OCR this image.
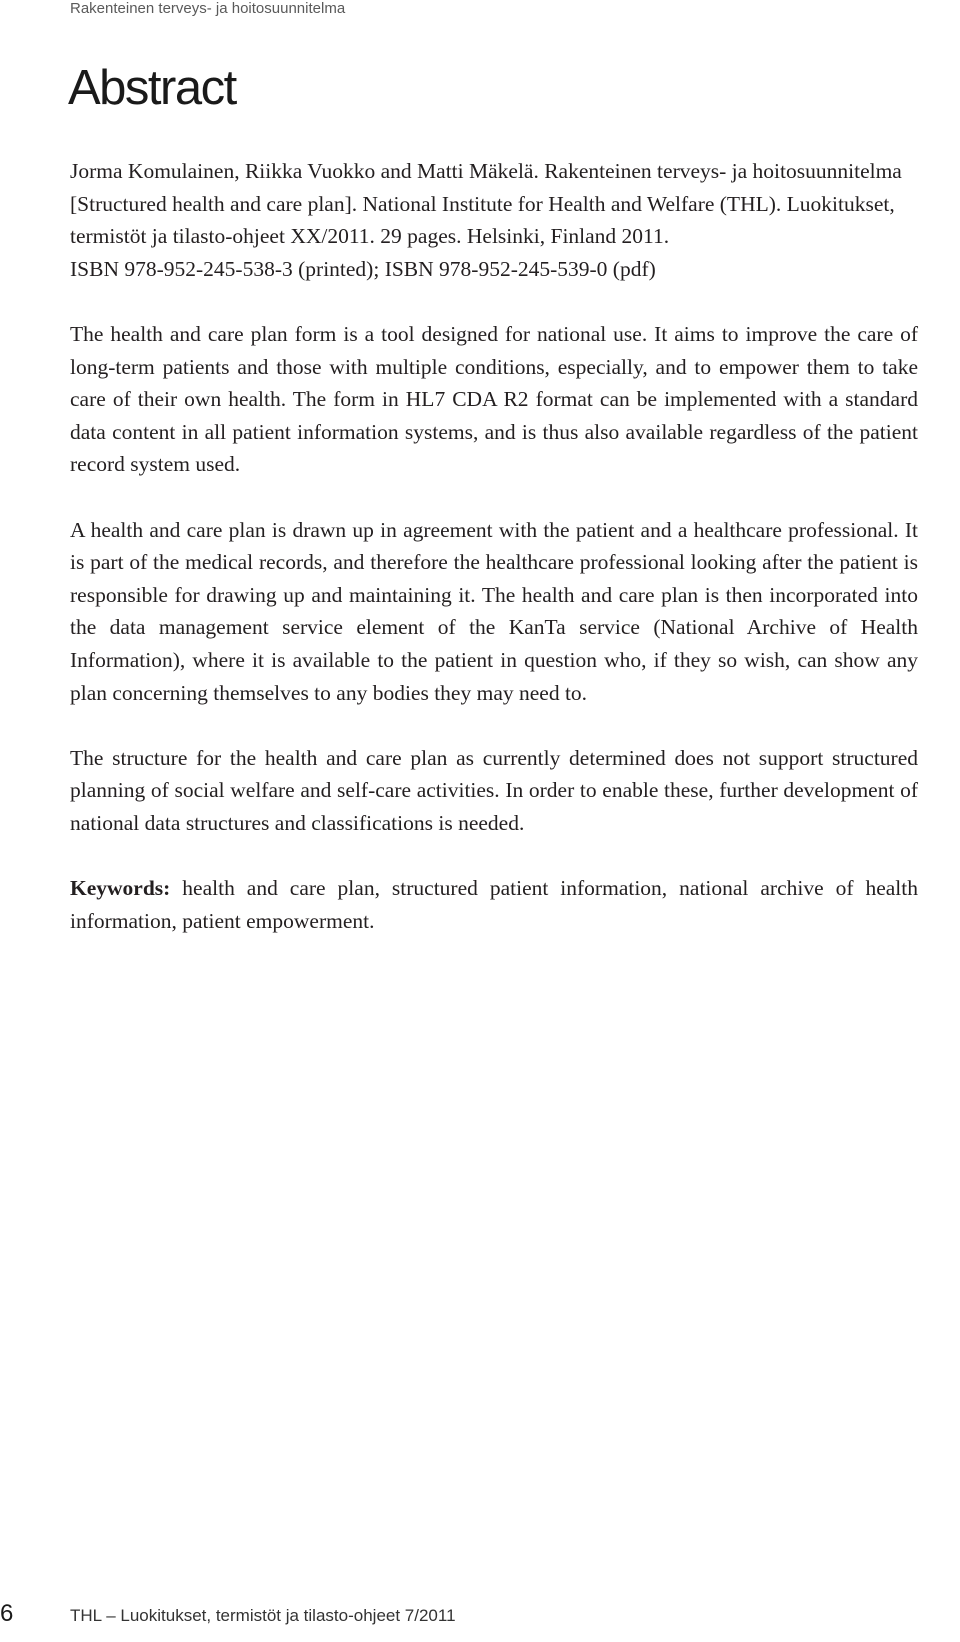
Rakenteinen terveys- ja hoitosuunnitelma
Abstract

Jorma Komulainen, Riikka Vuokko and Matti Mäkelä. Rakenteinen terveys- ja hoitosuunnitelma [Structured health and care plan]. National Institute for Health and Welfare (THL). Luokitukset, termistöt ja tilasto-ohjeet XX/2011. 29 pages. Helsinki, Finland 2011.

ISBN 978-952-245-538-3 (printed); ISBN 978-952-245-539-0 (pdf)

The health and care plan form is a tool designed for national use. It aims to improve the care of long-term patients and those with multiple conditions, especially, and to empower them to take care of their own health. The form in HL7 CDA R2 format can be implemented with a standard data content in all patient information systems, and is thus also available regardless of the patient record system used.

A health and care plan is drawn up in agreement with the patient and a healthcare professional. It is part of the medical records, and therefore the healthcare professional looking after the patient is responsible for drawing up and maintaining it. The health and care plan is then incorporated into the data management service element of the KanTa service (National Archive of Health Information), where it is available to the patient in question who, if they so wish, can show any plan concerning themselves to any bodies they may need to.

The structure for the health and care plan as currently determined does not support structured planning of social welfare and self-care activities. In order to enable these, further development of national data structures and classifications is needed.

Keywords: health and care plan, structured patient information, national archive of health information, patient empowerment.

6	THL – Luokitukset, termistöt ja tilasto-ohjeet 7/2011
